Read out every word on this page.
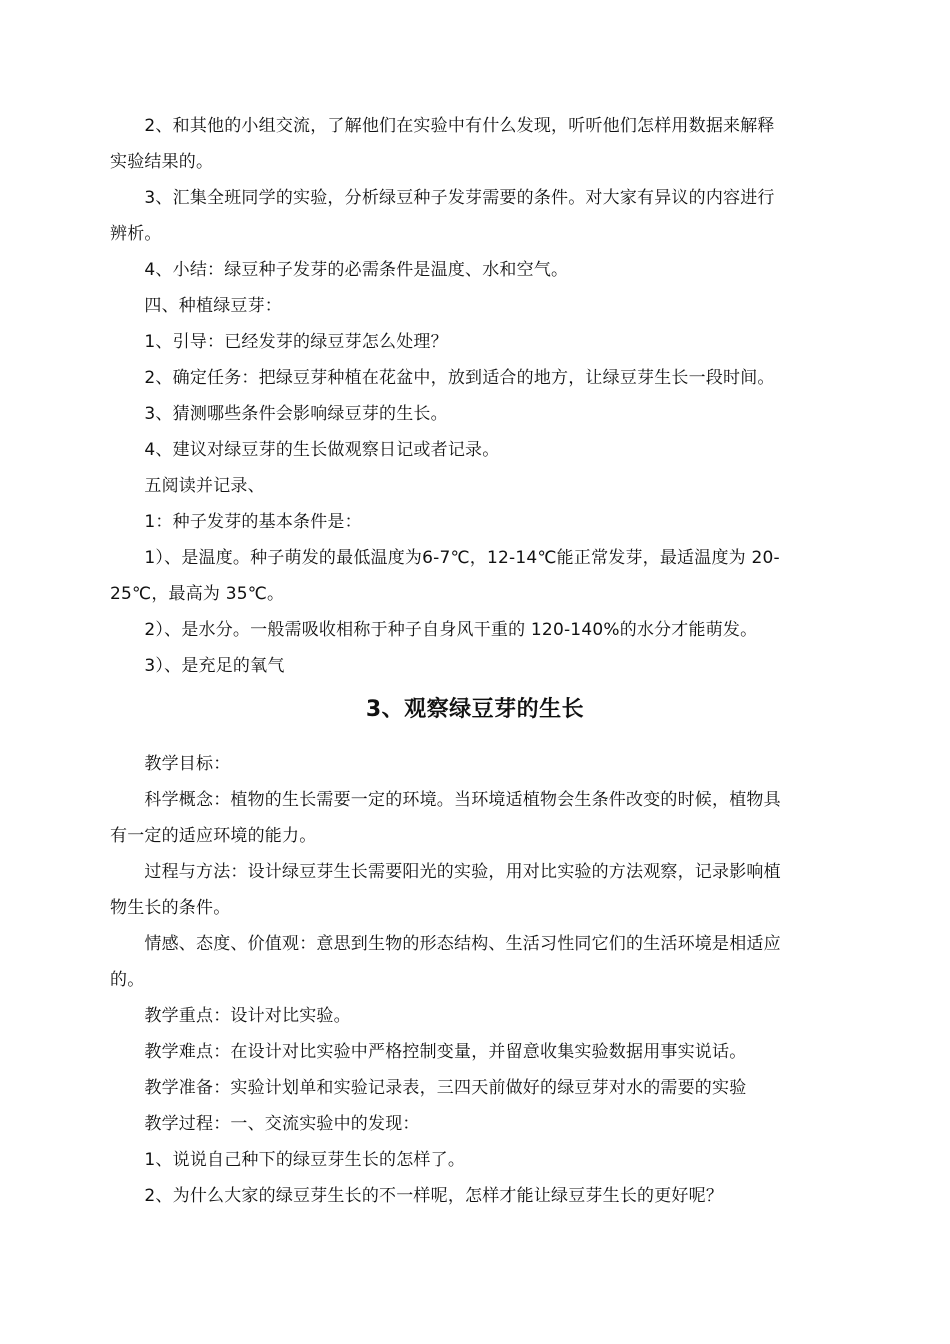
　　2、和其他的小组交流，了解他们在实验中有什么发现，听听他们怎样用数据来解释

实验结果的。

　　3、汇集全班同学的实验，分析绿豆种子发芽需要的条件。对大家有异议的内容进行

辨析。

　　4、小结：绿豆种子发芽的必需条件是温度、水和空气。

　　四、种植绿豆芽：

　　1、引导：已经发芽的绿豆芽怎么处理？

　　2、确定任务：把绿豆芽种植在花盆中，放到适合的地方，让绿豆芽生长一段时间。

　　3、猜测哪些条件会影响绿豆芽的生长。

　　4、建议对绿豆芽的生长做观察日记或者记录。

　　五阅读并记录、

　　1：种子发芽的基本条件是：

　　1）、是温度。种子萌发的最低温度为6-7℃，12-14℃能正常发芽，最适温度为 20-

25℃，最高为 35℃。

　　2）、是水分。一般需吸收相称于种子自身风干重的 120-140%的水分才能萌发。

　　3）、是充足的氧气

3、观察绿豆芽的生长

　　教学目标：

　　科学概念：植物的生长需要一定的环境。当环境适植物会生条件改变的时候，植物具

有一定的适应环境的能力。

　　过程与方法：设计绿豆芽生长需要阳光的实验，用对比实验的方法观察，记录影响植

物生长的条件。

　　情感、态度、价值观：意思到生物的形态结构、生活习性同它们的生活环境是相适应

的。

　　教学重点：设计对比实验。

　　教学难点：在设计对比实验中严格控制变量，并留意收集实验数据用事实说话。

　　教学准备：实验计划单和实验记录表，三四天前做好的绿豆芽对水的需要的实验

　　教学过程：一、交流实验中的发现：

　　1、说说自己种下的绿豆芽生长的怎样了。

　　2、为什么大家的绿豆芽生长的不一样呢，怎样才能让绿豆芽生长的更好呢？
